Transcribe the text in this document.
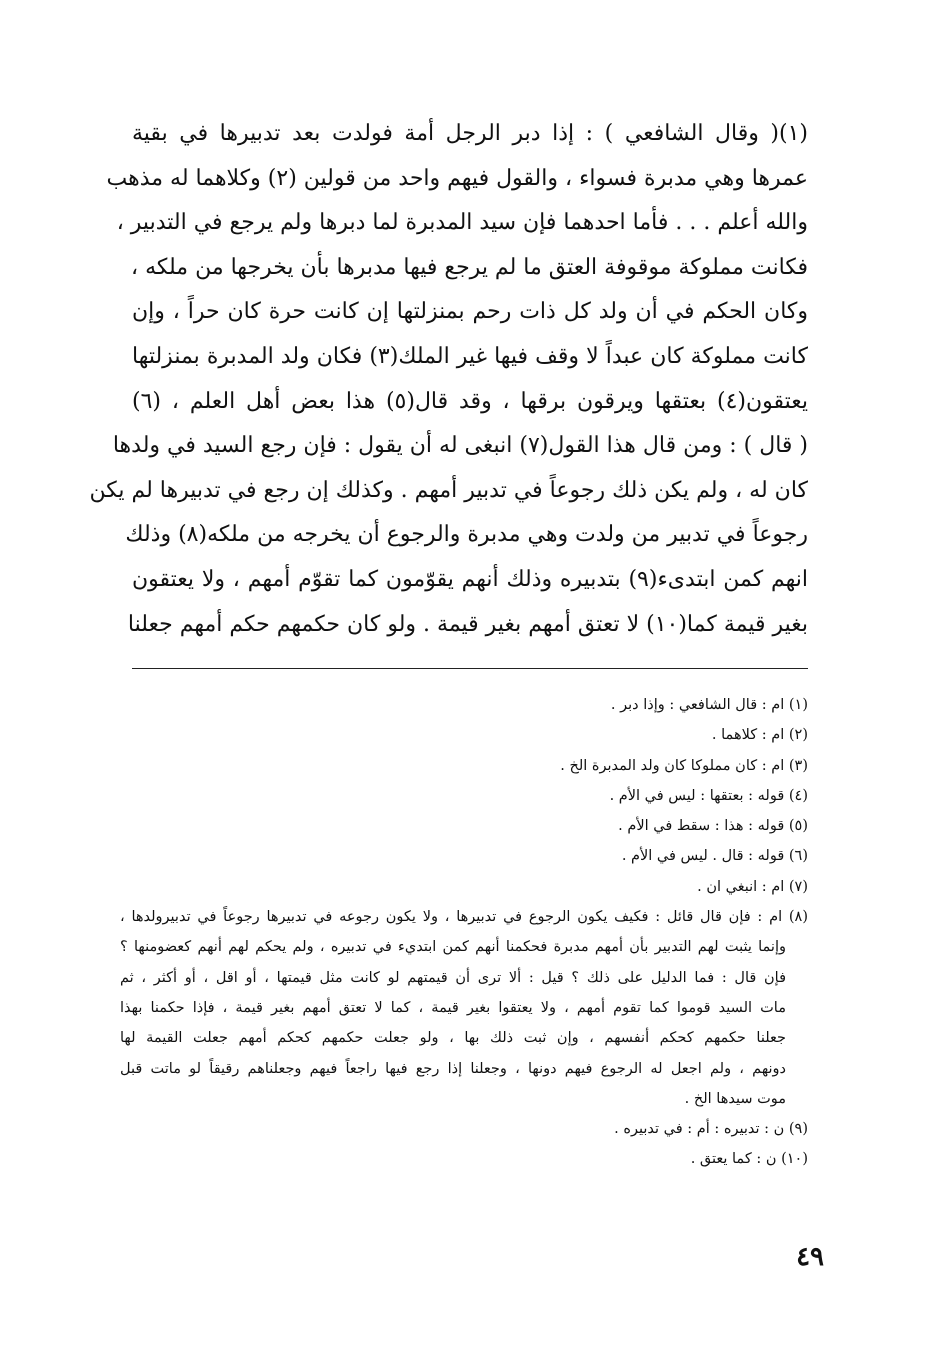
(١)( وقال الشافعي ) : إذا دبر الرجل أمة فولدت بعد تدبيرها في بقية
عمرها وهي مدبرة فسواء ، والقول فيهم واحد من قولين (٢) وكلاهما له مذهب
والله أعلم . . . فأما احدهما فإن سيد المدبرة لما دبرها ولم يرجع في التدبير ،
فكانت مملوكة موقوفة العتق ما لم يرجع فيها مدبرها بأن يخرجها من ملكه ،
وكان الحكم في أن ولد كل ذات رحم بمنزلتها إن كانت حرة كان حراً ، وإن
كانت مملوكة كان عبداً لا وقف فيها غير الملك(٣) فكان ولد المدبرة بمنزلتها
يعتقون(٤) بعتقها ويرقون برقها ، وقد قال(٥) هذا بعض أهل العلم ، (٦)
( قال ) : ومن قال هذا القول(٧) انبغى له أن يقول : فإن رجع السيد في ولدها
كان له ، ولم يكن ذلك رجوعاً في تدبير أمهم . وكذلك إن رجع في تدبيرها لم يكن
رجوعاً في تدبير من ولدت وهي مدبرة والرجوع أن يخرجه من ملكه(٨) وذلك
انهم كمن ابتدىء(٩) بتدبيره وذلك أنهم يقوّمون كما تقوّم أمهم ، ولا يعتقون
بغير قيمة كما(١٠) لا تعتق أمهم بغير قيمة . ولو كان حكمهم حكم أمهم جعلنا
(١) ام : قال الشافعي : وإذا دبر .
(٢) ام : كلاهما .
(٣) ام : كان مملوكا كان ولد المدبرة الخ .
(٤) قوله : بعتقها : ليس في الأم .
(٥) قوله : هذا : سقط في الأم .
(٦) قوله : قال . ليس في الأم .
(٧) ام : انبغي ان .
(٨) ام : فإن قال قائل : فكيف يكون الرجوع في تدبيرها ، ولا يكون رجوعه في تدبيرها رجوعاً في تدبيرولدها ،
وإنما يثبت لهم التدبير بأن أمهم مدبرة فحكمنا أنهم كمن ابتديء في تدبيره ، ولم يحكم لهم أنهم كعضومنها ؟
فإن قال : فما الدليل على ذلك ؟ قيل : ألا ترى أن قيمتهم لو كانت مثل قيمتها ، أو اقل ، أو أكثر ، ثم
مات السيد قوموا كما تقوم أمهم ، ولا يعتقوا بغير قيمة ، كما لا تعتق أمهم بغير قيمة ، فإذا حكمنا بهذا
جعلنا حكمهم كحكم أنفسهم ، وإن ثبت ذلك بها ، ولو جعلت حكمهم كحكم أمهم جعلت القيمة لها
دونهم ، ولم اجعل له الرجوع فيهم دونها ، وجعلنا إذا رجع فيها راجعاً فيهم وجعلناهم رقيقاً لو ماتت قبل
موت سيدها الخ .
(٩) ن : تدبيره : أم : في تدبيره .
(١٠) ن : كما يعتق .
٤٩
